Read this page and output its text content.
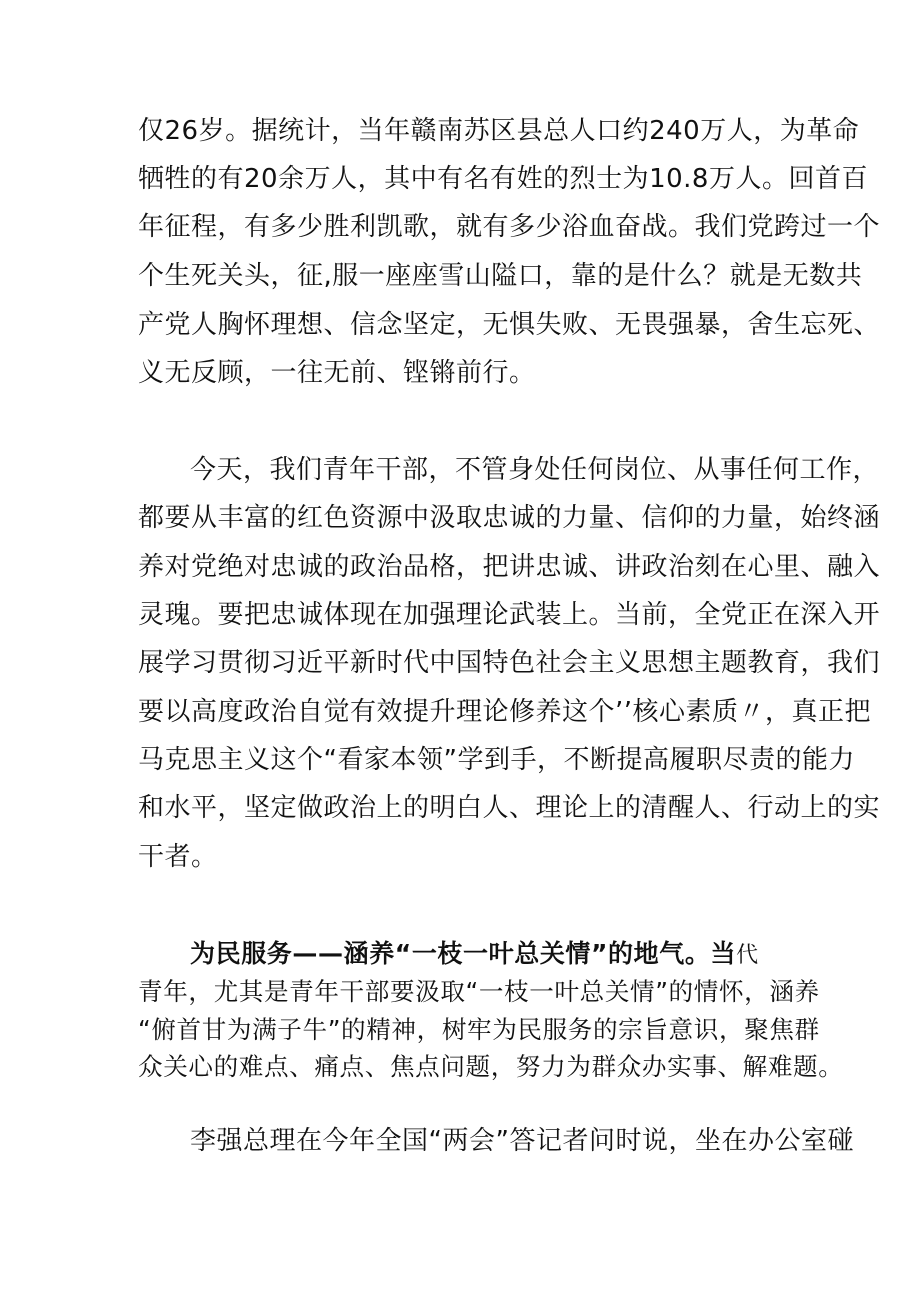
仅26岁。据统计，当年赣南苏区县总人口约240万人，为革命
牺牲的有20余万人，其中有名有姓的烈士为10.8万人。回首百
年征程，有多少胜利凯歌，就有多少浴血奋战。我们党跨过一个
个生死关头，征,服一座座雪山隘口，靠的是什么？就是无数共
产党人胸怀理想、信念坚定，无惧失败、无畏强暴，舍生忘死、
义无反顾，一往无前、铿锵前行。
今天，我们青年干部，不管身处任何岗位、从事任何工作，
都要从丰富的红色资源中汲取忠诚的力量、信仰的力量，始终涵
养对党绝对忠诚的政治品格，把讲忠诚、讲政治刻在心里、融入
灵瑰。要把忠诚体现在加强理论武装上。当前，全党正在深入开
展学习贯彻习近平新时代中国特色社会主义思想主题教育，我们
要以高度政治自觉有效提升理论修养这个’’核心素质〃，真正把
马克思主义这个“看家本领”学到手，不断提高履职尽责的能力
和水平，坚定做政治上的明白人、理论上的清醒人、行动上的实
干者。
为民服务——涵养“一枝一叶总关情”的地气。当代
青年，尤其是青年干部要汲取“一枝一叶总关情”的情怀，涵养
“俯首甘为满子牛”的精神，树牢为民服务的宗旨意识，聚焦群
众关心的难点、痛点、焦点问题，努力为群众办实事、解难题。
李强总理在今年全国“两会”答记者问时说，坐在办公室碰
